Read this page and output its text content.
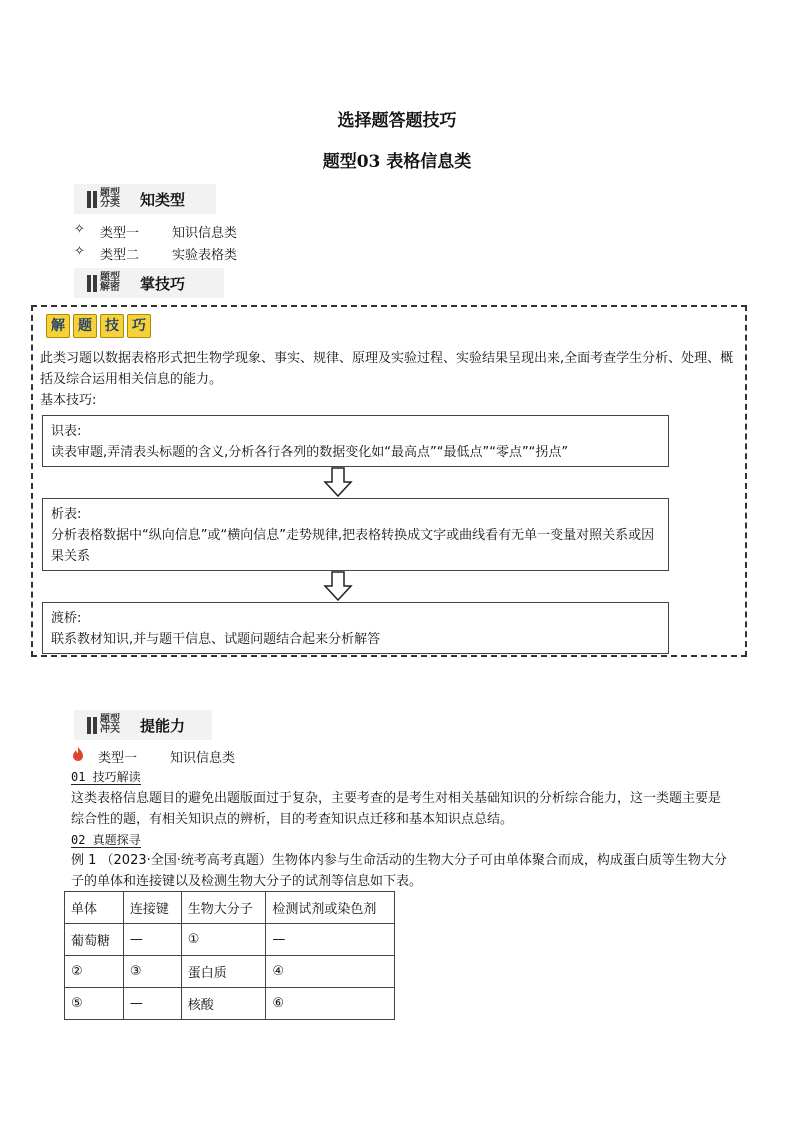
选择题答题技巧
题型03 表格信息类
题型
分类	知类型
✧	类型一	知识信息类
✧	类型二	实验表格类
题型
解密	掌技巧
解 题 技 巧
此类习题以数据表格形式把生物学现象、事实、规律、原理及实验过程、实验结果呈现出来,全面考查学生分析、处理、概括及综合运用相关信息的能力。
基本技巧:
识表:
读表审题,弄清表头标题的含义,分析各行各列的数据变化如“最高点”“最低点”“零点”“拐点”
析表:
分析表格数据中“纵向信息”或“横向信息”走势规律,把表格转换成文字或曲线看有无单一变量对照关系或因果关系
渡桥:
联系教材知识,并与题干信息、试题问题结合起来分析解答
题型
冲关	提能力
类型一	知识信息类
01 技巧解读
这类表格信息题目的避免出题版面过于复杂，主要考查的是考生对相关基础知识的分析综合能力，这一类题主要是综合性的题，有相关知识点的辨析，目的考查知识点迁移和基本知识点总结。
02 真题探寻
例 1 （2023·全国·统考高考真题）生物体内参与生命活动的生物大分子可由单体聚合而成，构成蛋白质等生物大分子的单体和连接键以及检测生物大分子的试剂等信息如下表。
单体	连接键	生物大分子	检测试剂或染色剂
葡萄糖	—	①	—
②	③	蛋白质	④
⑤	—	核酸	⑥
